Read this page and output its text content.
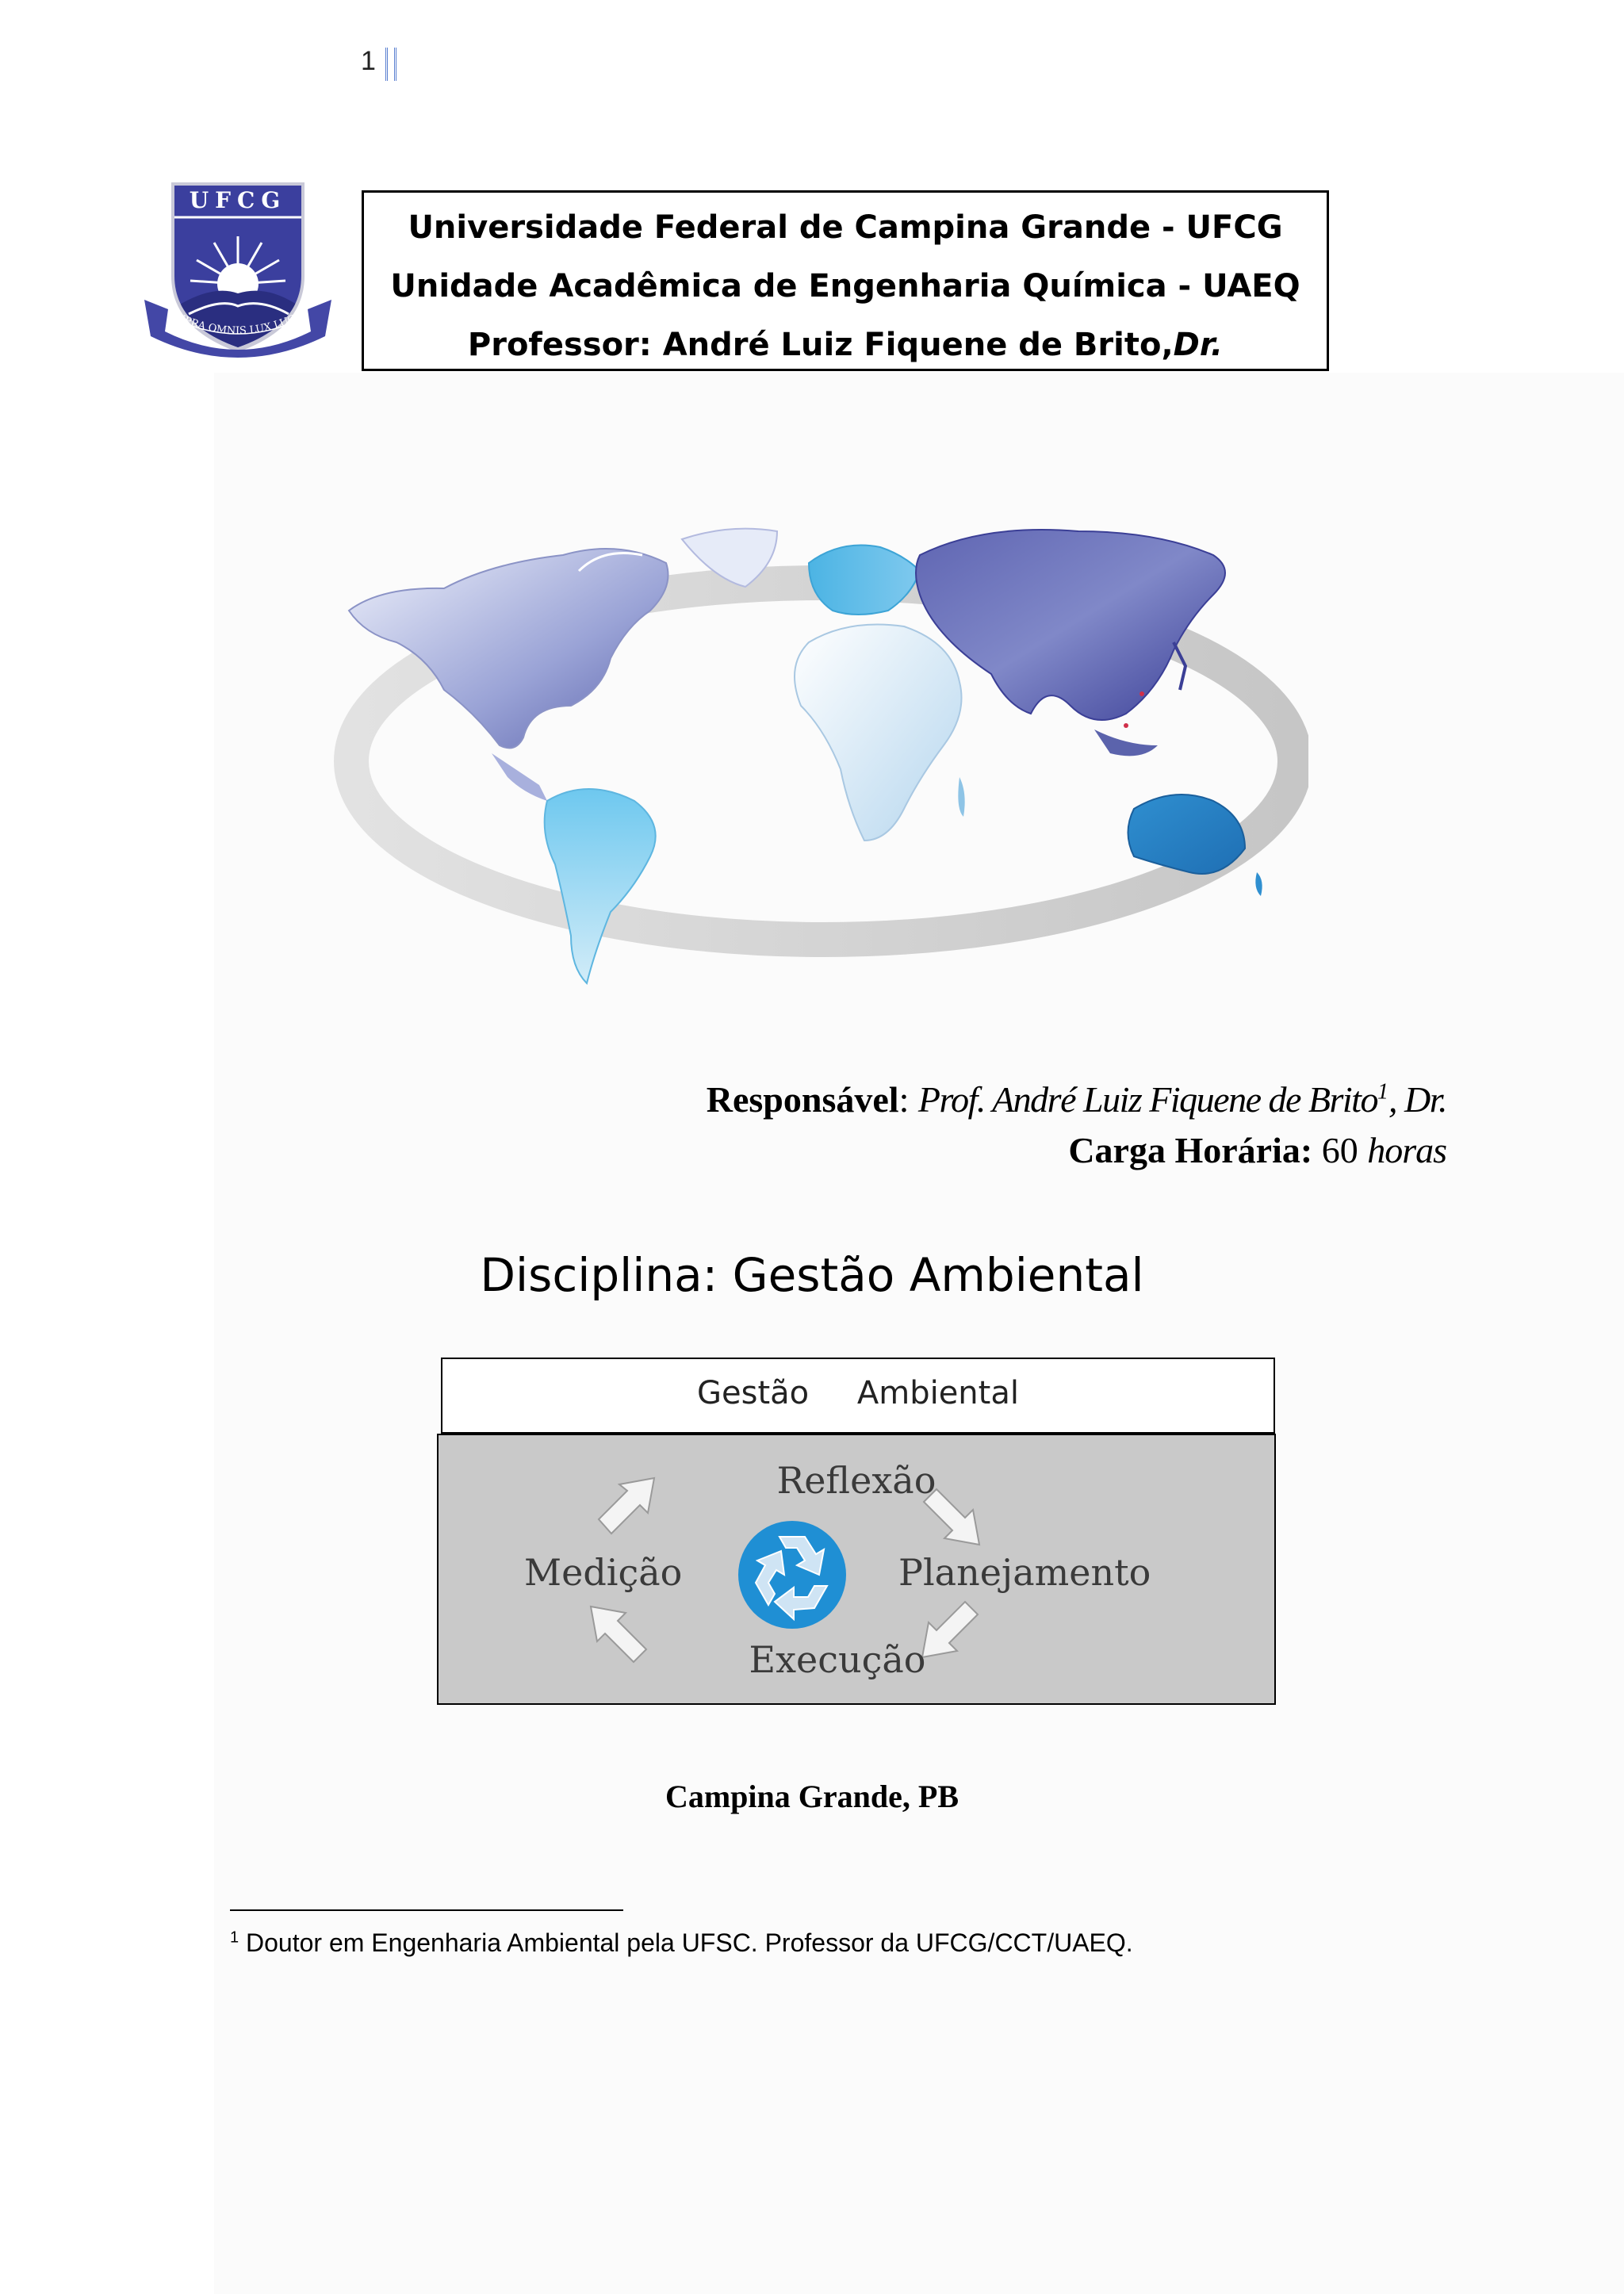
1
UFCG
SUPRA OMNIS LUX LUCIS
Universidade Federal de Campina Grande - UFCG
Unidade Acadêmica de Engenharia Química - UAEQ
Professor: André Luiz Fiquene de Brito,Dr.
Responsável: Prof. André Luiz Fiquene de Brito$^1$, Dr.
Carga Horária: 60 horas
Disciplina: Gestão Ambiental
Gestão Ambiental
Reflexão
Planejamento
Execução
Medição
Campina Grande, PB
$^1$ Doutor em Engenharia Ambiental pela UFSC. Professor da UFCG/CCT/UAEQ.
